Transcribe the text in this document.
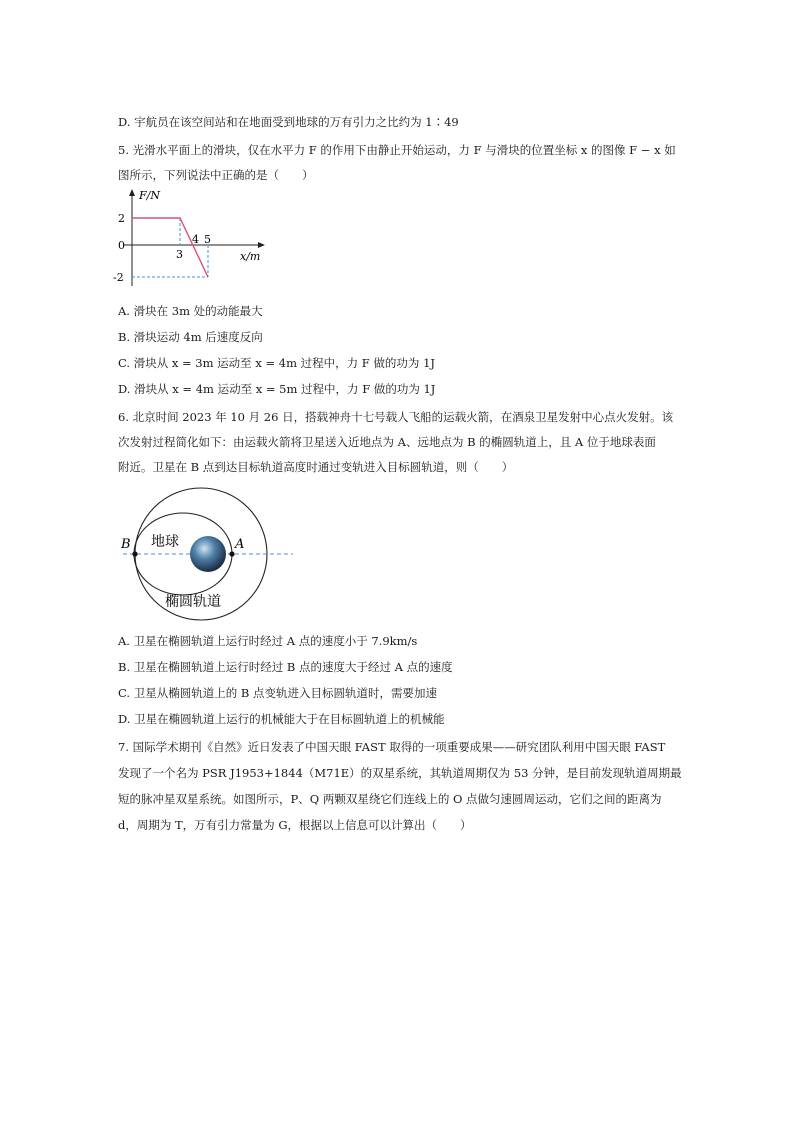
D. 宇航员在该空间站和在地面受到地球的万有引力之比约为 1∶49
5. 光滑水平面上的滑块，仅在水平力 F 的作用下由静止开始运动，力 F 与滑块的位置坐标 x 的图像 F − x 如
图所示，下列说法中正确的是（　　）
F/N
x/m
2
0
-2
3
4 5
A. 滑块在 3m 处的动能最大
B. 滑块运动 4m 后速度反向
C. 滑块从 x = 3m 运动至 x = 4m 过程中，力 F 做的功为 1J
D. 滑块从 x = 4m 运动至 x = 5m 过程中，力 F 做的功为 1J
6. 北京时间 2023 年 10 月 26 日，搭载神舟十七号载人飞船的运载火箭，在酒泉卫星发射中心点火发射。该
次发射过程简化如下：由运载火箭将卫星送入近地点为 A、远地点为 B 的椭圆轨道上，且 A 位于地球表面
附近。卫星在 B 点到达目标轨道高度时通过变轨进入目标圆轨道，则（　　）
B	A
地球
椭圆轨道
A. 卫星在椭圆轨道上运行时经过 A 点的速度小于 7.9km/s
B. 卫星在椭圆轨道上运行时经过 B 点的速度大于经过 A 点的速度
C. 卫星从椭圆轨道上的 B 点变轨进入目标圆轨道时，需要加速
D. 卫星在椭圆轨道上运行的机械能大于在目标圆轨道上的机械能
7. 国际学术期刊《自然》近日发表了中国天眼 FAST 取得的一项重要成果——研究团队利用中国天眼 FAST
发现了一个名为 PSR J1953+1844（M71E）的双星系统，其轨道周期仅为 53 分钟，是目前发现轨道周期最
短的脉冲星双星系统。如图所示，P、Q 两颗双星绕它们连线上的 O 点做匀速圆周运动，它们之间的距离为
d，周期为 T，万有引力常量为 G，根据以上信息可以计算出（　　）
